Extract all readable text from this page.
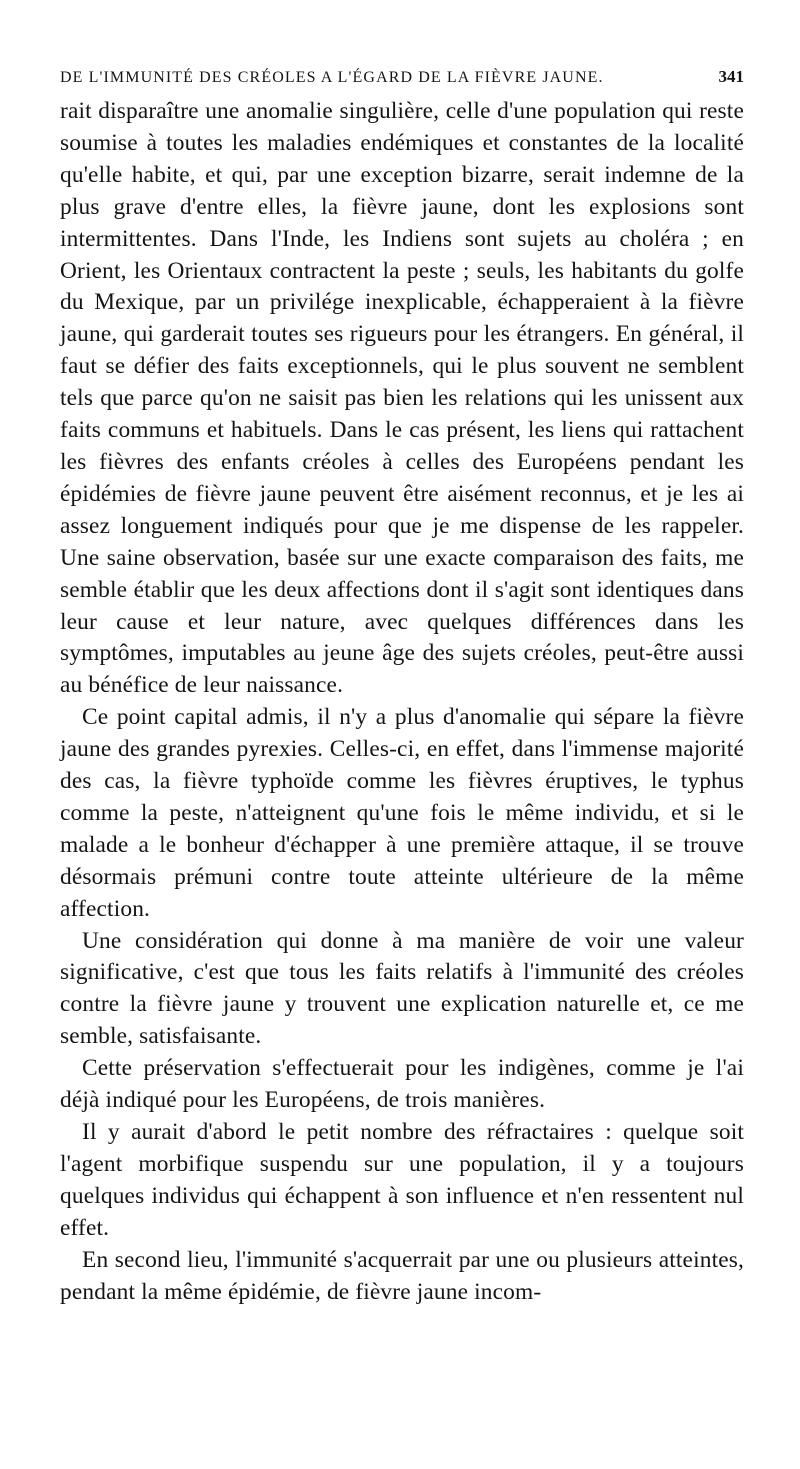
DE L'IMMUNITÉ DES CRÉOLES A L'ÉGARD DE LA FIÈVRE JAUNE.	341

rait disparaître une anomalie singulière, celle d'une population qui reste soumise à toutes les maladies endémiques et constantes de la localité qu'elle habite, et qui, par une exception bizarre, serait indemne de la plus grave d'entre elles, la fièvre jaune, dont les explosions sont intermittentes. Dans l'Inde, les Indiens sont sujets au choléra ; en Orient, les Orientaux contractent la peste ; seuls, les habitants du golfe du Mexique, par un privilége inexplicable, échapperaient à la fièvre jaune, qui garderait toutes ses rigueurs pour les étrangers. En général, il faut se défier des faits exceptionnels, qui le plus souvent ne semblent tels que parce qu'on ne saisit pas bien les relations qui les unissent aux faits communs et habituels. Dans le cas présent, les liens qui rattachent les fièvres des enfants créoles à celles des Européens pendant les épidémies de fièvre jaune peuvent être aisément reconnus, et je les ai assez longuement indiqués pour que je me dispense de les rappeler. Une saine observation, basée sur une exacte comparaison des faits, me semble établir que les deux affections dont il s'agit sont identiques dans leur cause et leur nature, avec quelques différences dans les symptômes, imputables au jeune âge des sujets créoles, peut-être aussi au bénéfice de leur naissance.

Ce point capital admis, il n'y a plus d'anomalie qui sépare la fièvre jaune des grandes pyrexies. Celles-ci, en effet, dans l'immense majorité des cas, la fièvre typhoïde comme les fièvres éruptives, le typhus comme la peste, n'atteignent qu'une fois le même individu, et si le malade a le bonheur d'échapper à une première attaque, il se trouve désormais prémuni contre toute atteinte ultérieure de la même affection.

Une considération qui donne à ma manière de voir une valeur significative, c'est que tous les faits relatifs à l'immunité des créoles contre la fièvre jaune y trouvent une explication naturelle et, ce me semble, satisfaisante.

Cette préservation s'effectuerait pour les indigènes, comme je l'ai déjà indiqué pour les Européens, de trois manières.

Il y aurait d'abord le petit nombre des réfractaires : quelque soit l'agent morbifique suspendu sur une population, il y a toujours quelques individus qui échappent à son influence et n'en ressentent nul effet.

En second lieu, l'immunité s'acquerrait par une ou plusieurs atteintes, pendant la même épidémie, de fièvre jaune incom-
